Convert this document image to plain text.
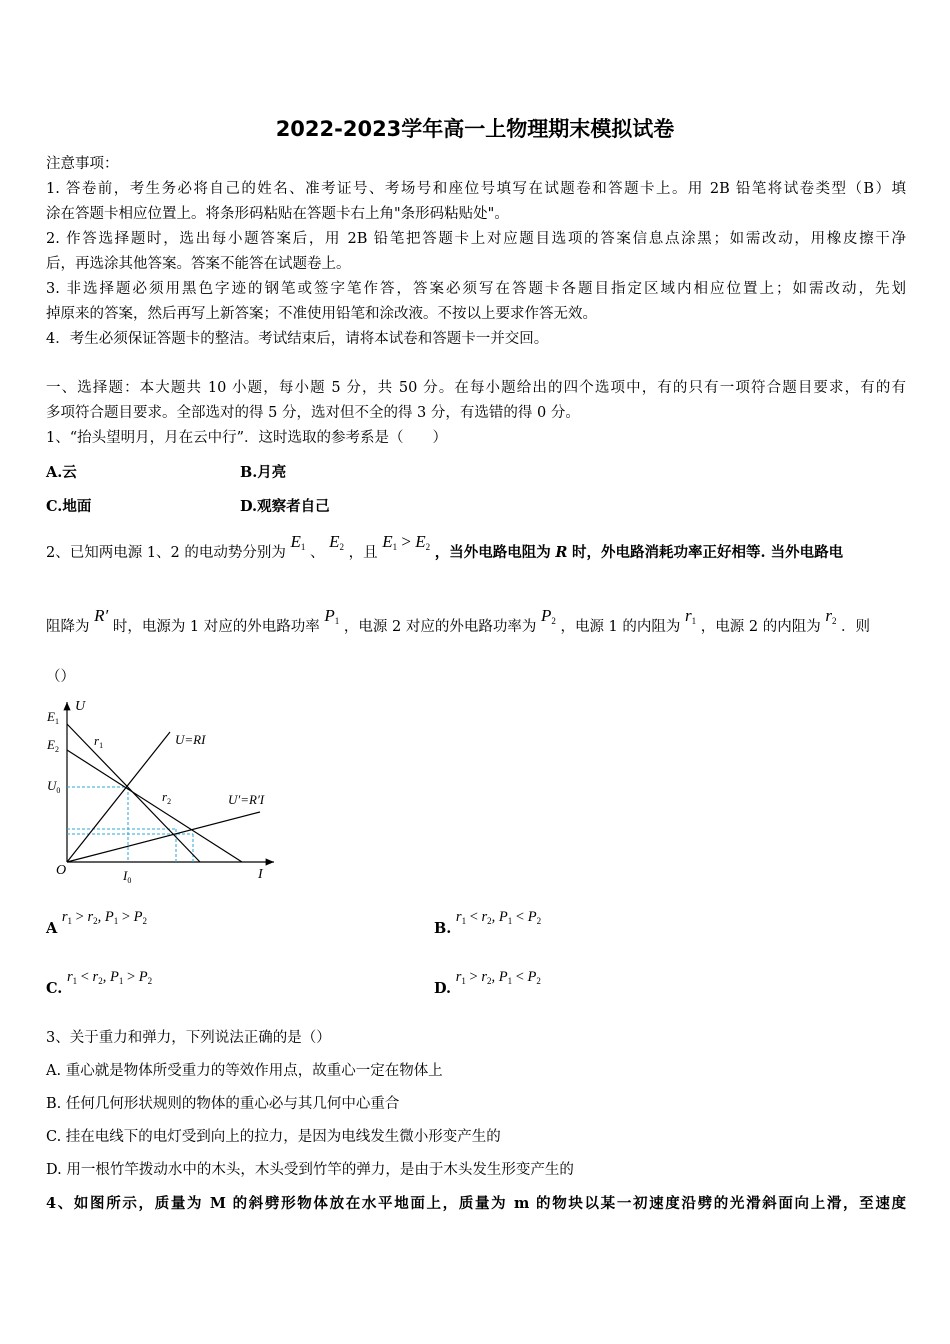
2022-2023学年高一上物理期末模拟试卷
注意事项：
1. 答卷前，考生务必将自己的姓名、准考证号、考场号和座位号填写在试题卷和答题卡上。用 2B 铅笔将试卷类型（B）填
涂在答题卡相应位置上。将条形码粘贴在答题卡右上角"条形码粘贴处"。
2. 作答选择题时，选出每小题答案后，用 2B 铅笔把答题卡上对应题目选项的答案信息点涂黑；如需改动，用橡皮擦干净
后，再选涂其他答案。答案不能答在试题卷上。
3. 非选择题必须用黑色字迹的钢笔或签字笔作答，答案必须写在答题卡各题目指定区域内相应位置上；如需改动，先划
掉原来的答案，然后再写上新答案；不准使用铅笔和涂改液。不按以上要求作答无效。
4．考生必须保证答题卡的整洁。考试结束后，请将本试卷和答题卡一并交回。
一、选择题：本大题共 10 小题，每小题 5 分，共 50 分。在每小题给出的四个选项中，有的只有一项符合题目要求，有的有
多项符合题目要求。全部选对的得 5 分，选对但不全的得 3 分，有选错的得 0 分。
1、“抬头望明月，月在云中行”．这时选取的参考系是（　　）
A.云	B.月亮
C.地面	D.观察者自己
2、已知两电源 1、2 的电动势分别为 $E_1$ 、 $E_2$ ，且 $E_1 > E_2$ ，当外电路电阻为 R 时，外电路消耗功率正好相等. 当外电路电
阻降为 R′ 时，电源为 1 对应的外电路功率 $P_1$ ，电源 2 对应的外电路功率为 $P_2$ ，电源 1 的内阻为 $r_1$ ，电源 2 的内阻为 $r_2$ ．则
（）
U
I
O
$E_1$
$E_2$
$U_0$
$I_0$
$r_1$
$r_2$
U=RI
U′=R′I
A $r_1 > r_2$, $P_1 > P_2$	B. $r_1 < r_2$, $P_1 < P_2$
C. $r_1 < r_2$, $P_1 > P_2$	D. $r_1 > r_2$, $P_1 < P_2$
3、关于重力和弹力，下列说法正确的是（）
A. 重心就是物体所受重力的等效作用点，故重心一定在物体上
B. 任何几何形状规则的物体的重心必与其几何中心重合
C. 挂在电线下的电灯受到向上的拉力，是因为电线发生微小形变产生的
D. 用一根竹竿拨动水中的木头，木头受到竹竿的弹力，是由于木头发生形变产生的
4、如图所示，质量为 M 的斜劈形物体放在水平地面上，质量为 m 的物块以某一初速度沿劈的光滑斜面向上滑，至速度
